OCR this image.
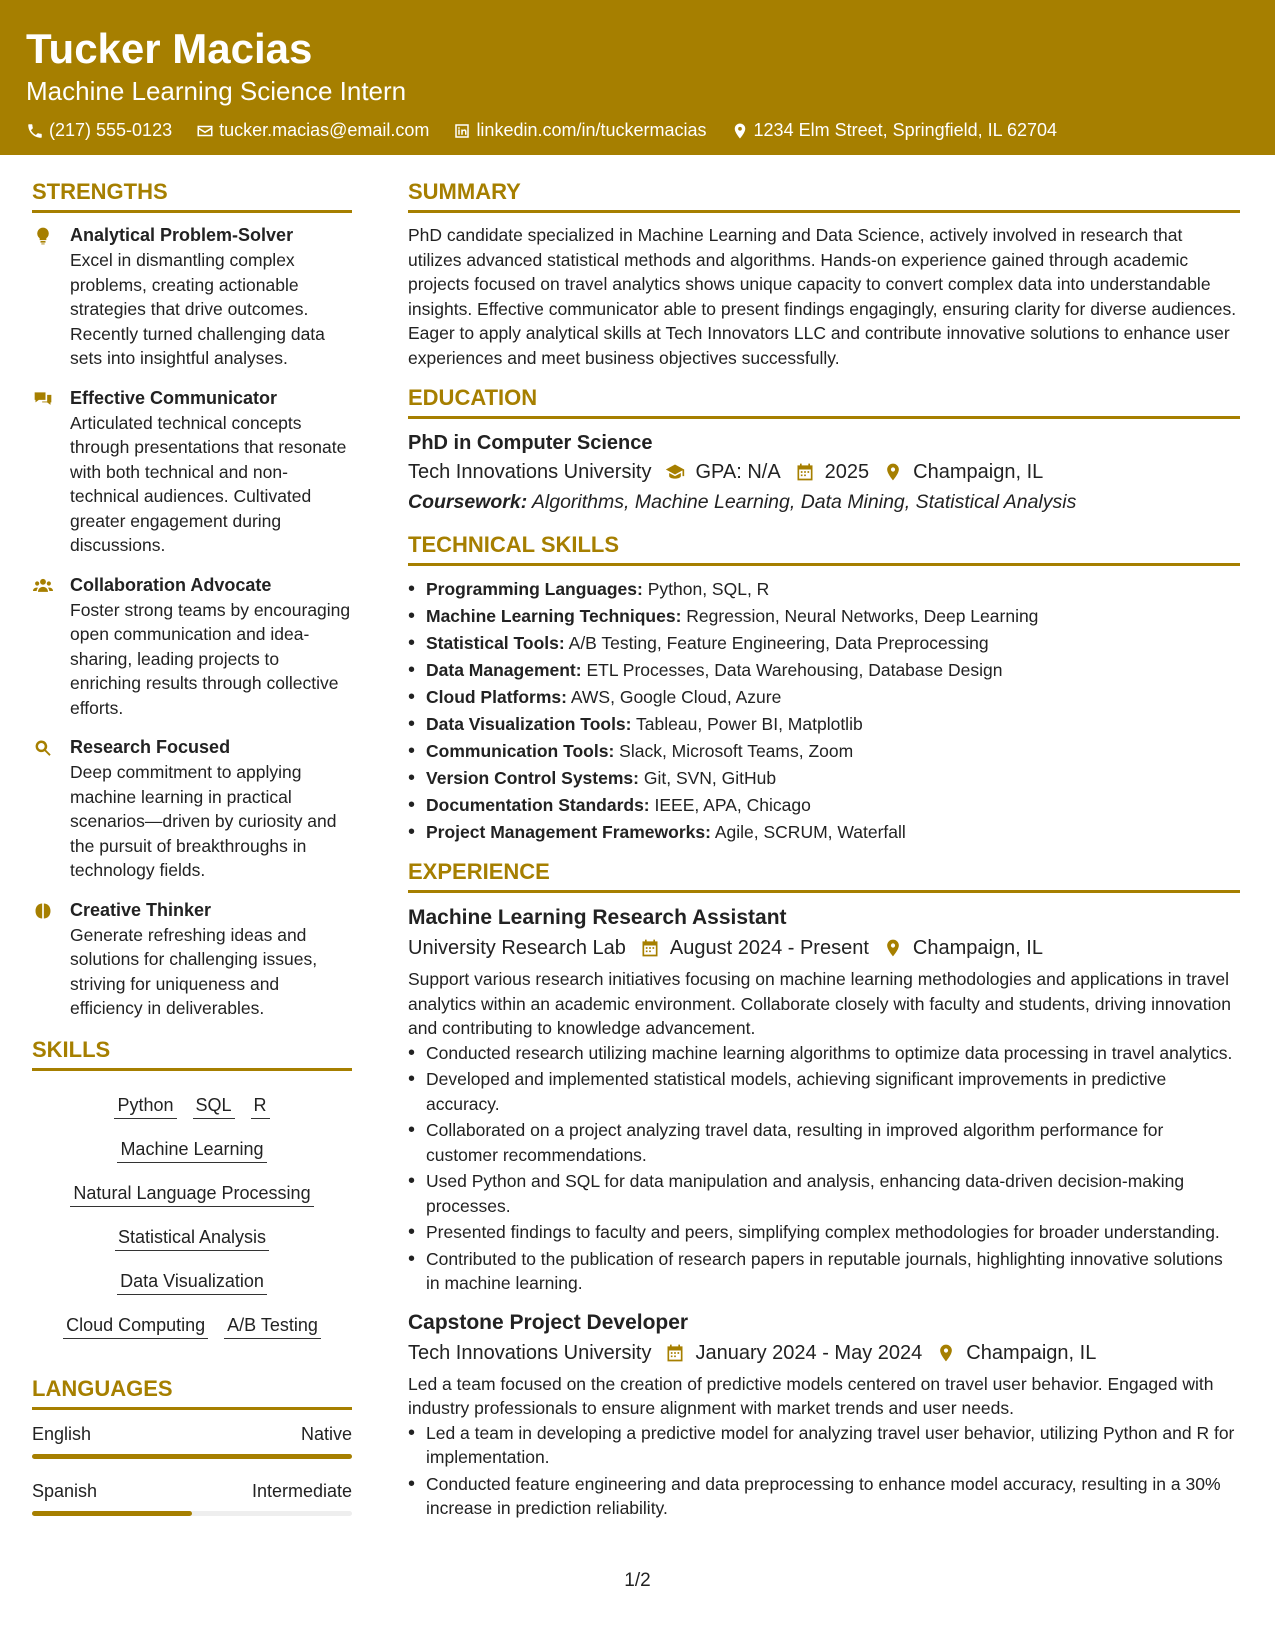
Tucker Macias
Machine Learning Science Intern
(217) 555-0123	tucker.macias@email.com	linkedin.com/in/tuckermacias	1234 Elm Street, Springfield, IL 62704
STRENGTHS
Analytical Problem-Solver
Excel in dismantling complex problems, creating actionable strategies that drive outcomes. Recently turned challenging data sets into insightful analyses.
Effective Communicator
Articulated technical concepts through presentations that resonate with both technical and non-technical audiences. Cultivated greater engagement during discussions.
Collaboration Advocate
Foster strong teams by encouraging open communication and idea-sharing, leading projects to enriching results through collective efforts.
Research Focused
Deep commitment to applying machine learning in practical scenarios—driven by curiosity and the pursuit of breakthroughs in technology fields.
Creative Thinker
Generate refreshing ideas and solutions for challenging issues, striving for uniqueness and efficiency in deliverables.
SKILLS
Python SQL R
Machine Learning
Natural Language Processing
Statistical Analysis
Data Visualization
Cloud Computing A/B Testing
LANGUAGES
English	Native
Spanish	Intermediate
SUMMARY
PhD candidate specialized in Machine Learning and Data Science, actively involved in research that utilizes advanced statistical methods and algorithms. Hands-on experience gained through academic projects focused on travel analytics shows unique capacity to convert complex data into understandable insights. Effective communicator able to present findings engagingly, ensuring clarity for diverse audiences. Eager to apply analytical skills at Tech Innovators LLC and contribute innovative solutions to enhance user experiences and meet business objectives successfully.
EDUCATION
PhD in Computer Science
Tech Innovations University GPA: N/A 2025 Champaign, IL
Coursework: Algorithms, Machine Learning, Data Mining, Statistical Analysis
TECHNICAL SKILLS
• Programming Languages: Python, SQL, R
• Machine Learning Techniques: Regression, Neural Networks, Deep Learning
• Statistical Tools: A/B Testing, Feature Engineering, Data Preprocessing
• Data Management: ETL Processes, Data Warehousing, Database Design
• Cloud Platforms: AWS, Google Cloud, Azure
• Data Visualization Tools: Tableau, Power BI, Matplotlib
• Communication Tools: Slack, Microsoft Teams, Zoom
• Version Control Systems: Git, SVN, GitHub
• Documentation Standards: IEEE, APA, Chicago
• Project Management Frameworks: Agile, SCRUM, Waterfall
EXPERIENCE
Machine Learning Research Assistant
University Research Lab August 2024 - Present Champaign, IL
Support various research initiatives focusing on machine learning methodologies and applications in travel analytics within an academic environment. Collaborate closely with faculty and students, driving innovation and contributing to knowledge advancement.
• Conducted research utilizing machine learning algorithms to optimize data processing in travel analytics.
• Developed and implemented statistical models, achieving significant improvements in predictive accuracy.
• Collaborated on a project analyzing travel data, resulting in improved algorithm performance for customer recommendations.
• Used Python and SQL for data manipulation and analysis, enhancing data-driven decision-making processes.
• Presented findings to faculty and peers, simplifying complex methodologies for broader understanding.
• Contributed to the publication of research papers in reputable journals, highlighting innovative solutions in machine learning.
Capstone Project Developer
Tech Innovations University January 2024 - May 2024 Champaign, IL
Led a team focused on the creation of predictive models centered on travel user behavior. Engaged with industry professionals to ensure alignment with market trends and user needs.
• Led a team in developing a predictive model for analyzing travel user behavior, utilizing Python and R for implementation.
• Conducted feature engineering and data preprocessing to enhance model accuracy, resulting in a 30% increase in prediction reliability.
1/2
